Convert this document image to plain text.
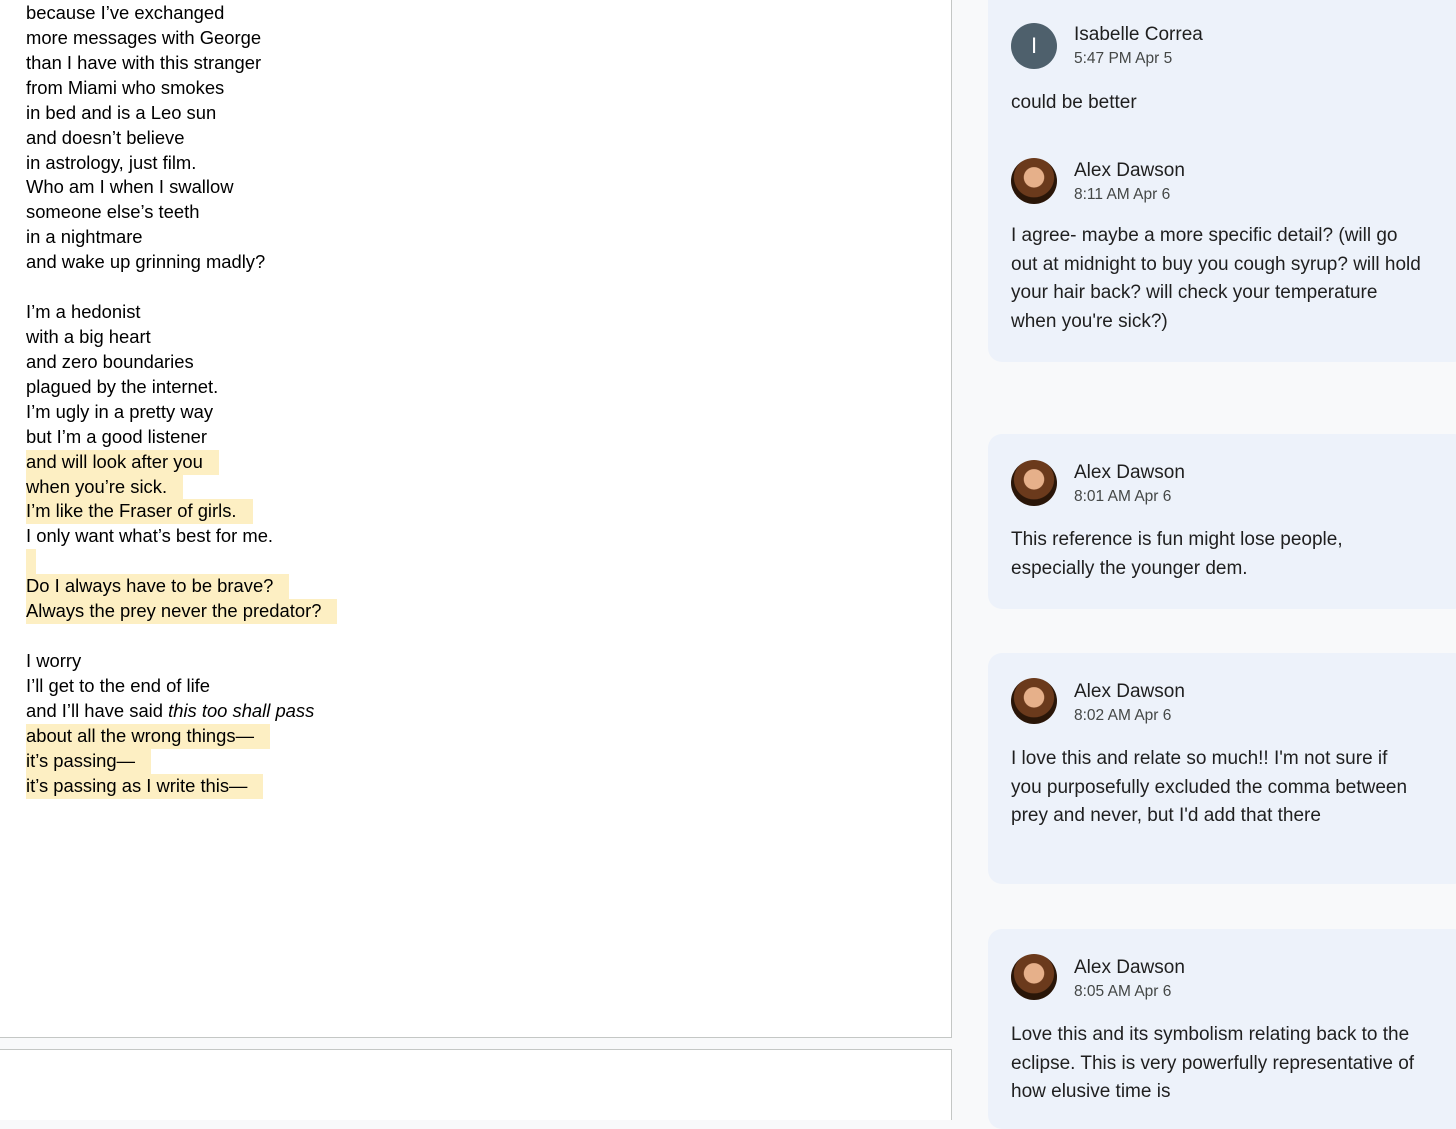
because I’ve exchanged
more messages with George
than I have with this stranger
from Miami who smokes
in bed and is a Leo sun
and doesn’t believe
in astrology, just film.
Who am I when I swallow
someone else’s teeth
in a nightmare
and wake up grinning madly?
I’m a hedonist
with a big heart
and zero boundaries
plagued by the internet.
I’m ugly in a pretty way
but I’m a good listener
and will look after you
when you’re sick.
I’m like the Fraser of girls.
I only want what’s best for me.
Do I always have to be brave?
Always the prey never the predator?
I worry
I’ll get to the end of life
and I’ll have said this too shall pass
about all the wrong things—
it’s passing—
it’s passing as I write this—
I	Isabelle Correa
5:47 PM Apr 5
could be better
Alex Dawson
8:11 AM Apr 6
I agree- maybe a more specific detail? (will go out at midnight to buy you cough syrup? will hold your hair back? will check your temperature when you're sick?)
Alex Dawson
8:01 AM Apr 6
This reference is fun might lose people, especially the younger dem.
Alex Dawson
8:02 AM Apr 6
I love this and relate so much!! I'm not sure if you purposefully excluded the comma between prey and never, but I'd add that there
Alex Dawson
8:05 AM Apr 6
Love this and its symbolism relating back to the eclipse. This is very powerfully representative of how elusive time is
